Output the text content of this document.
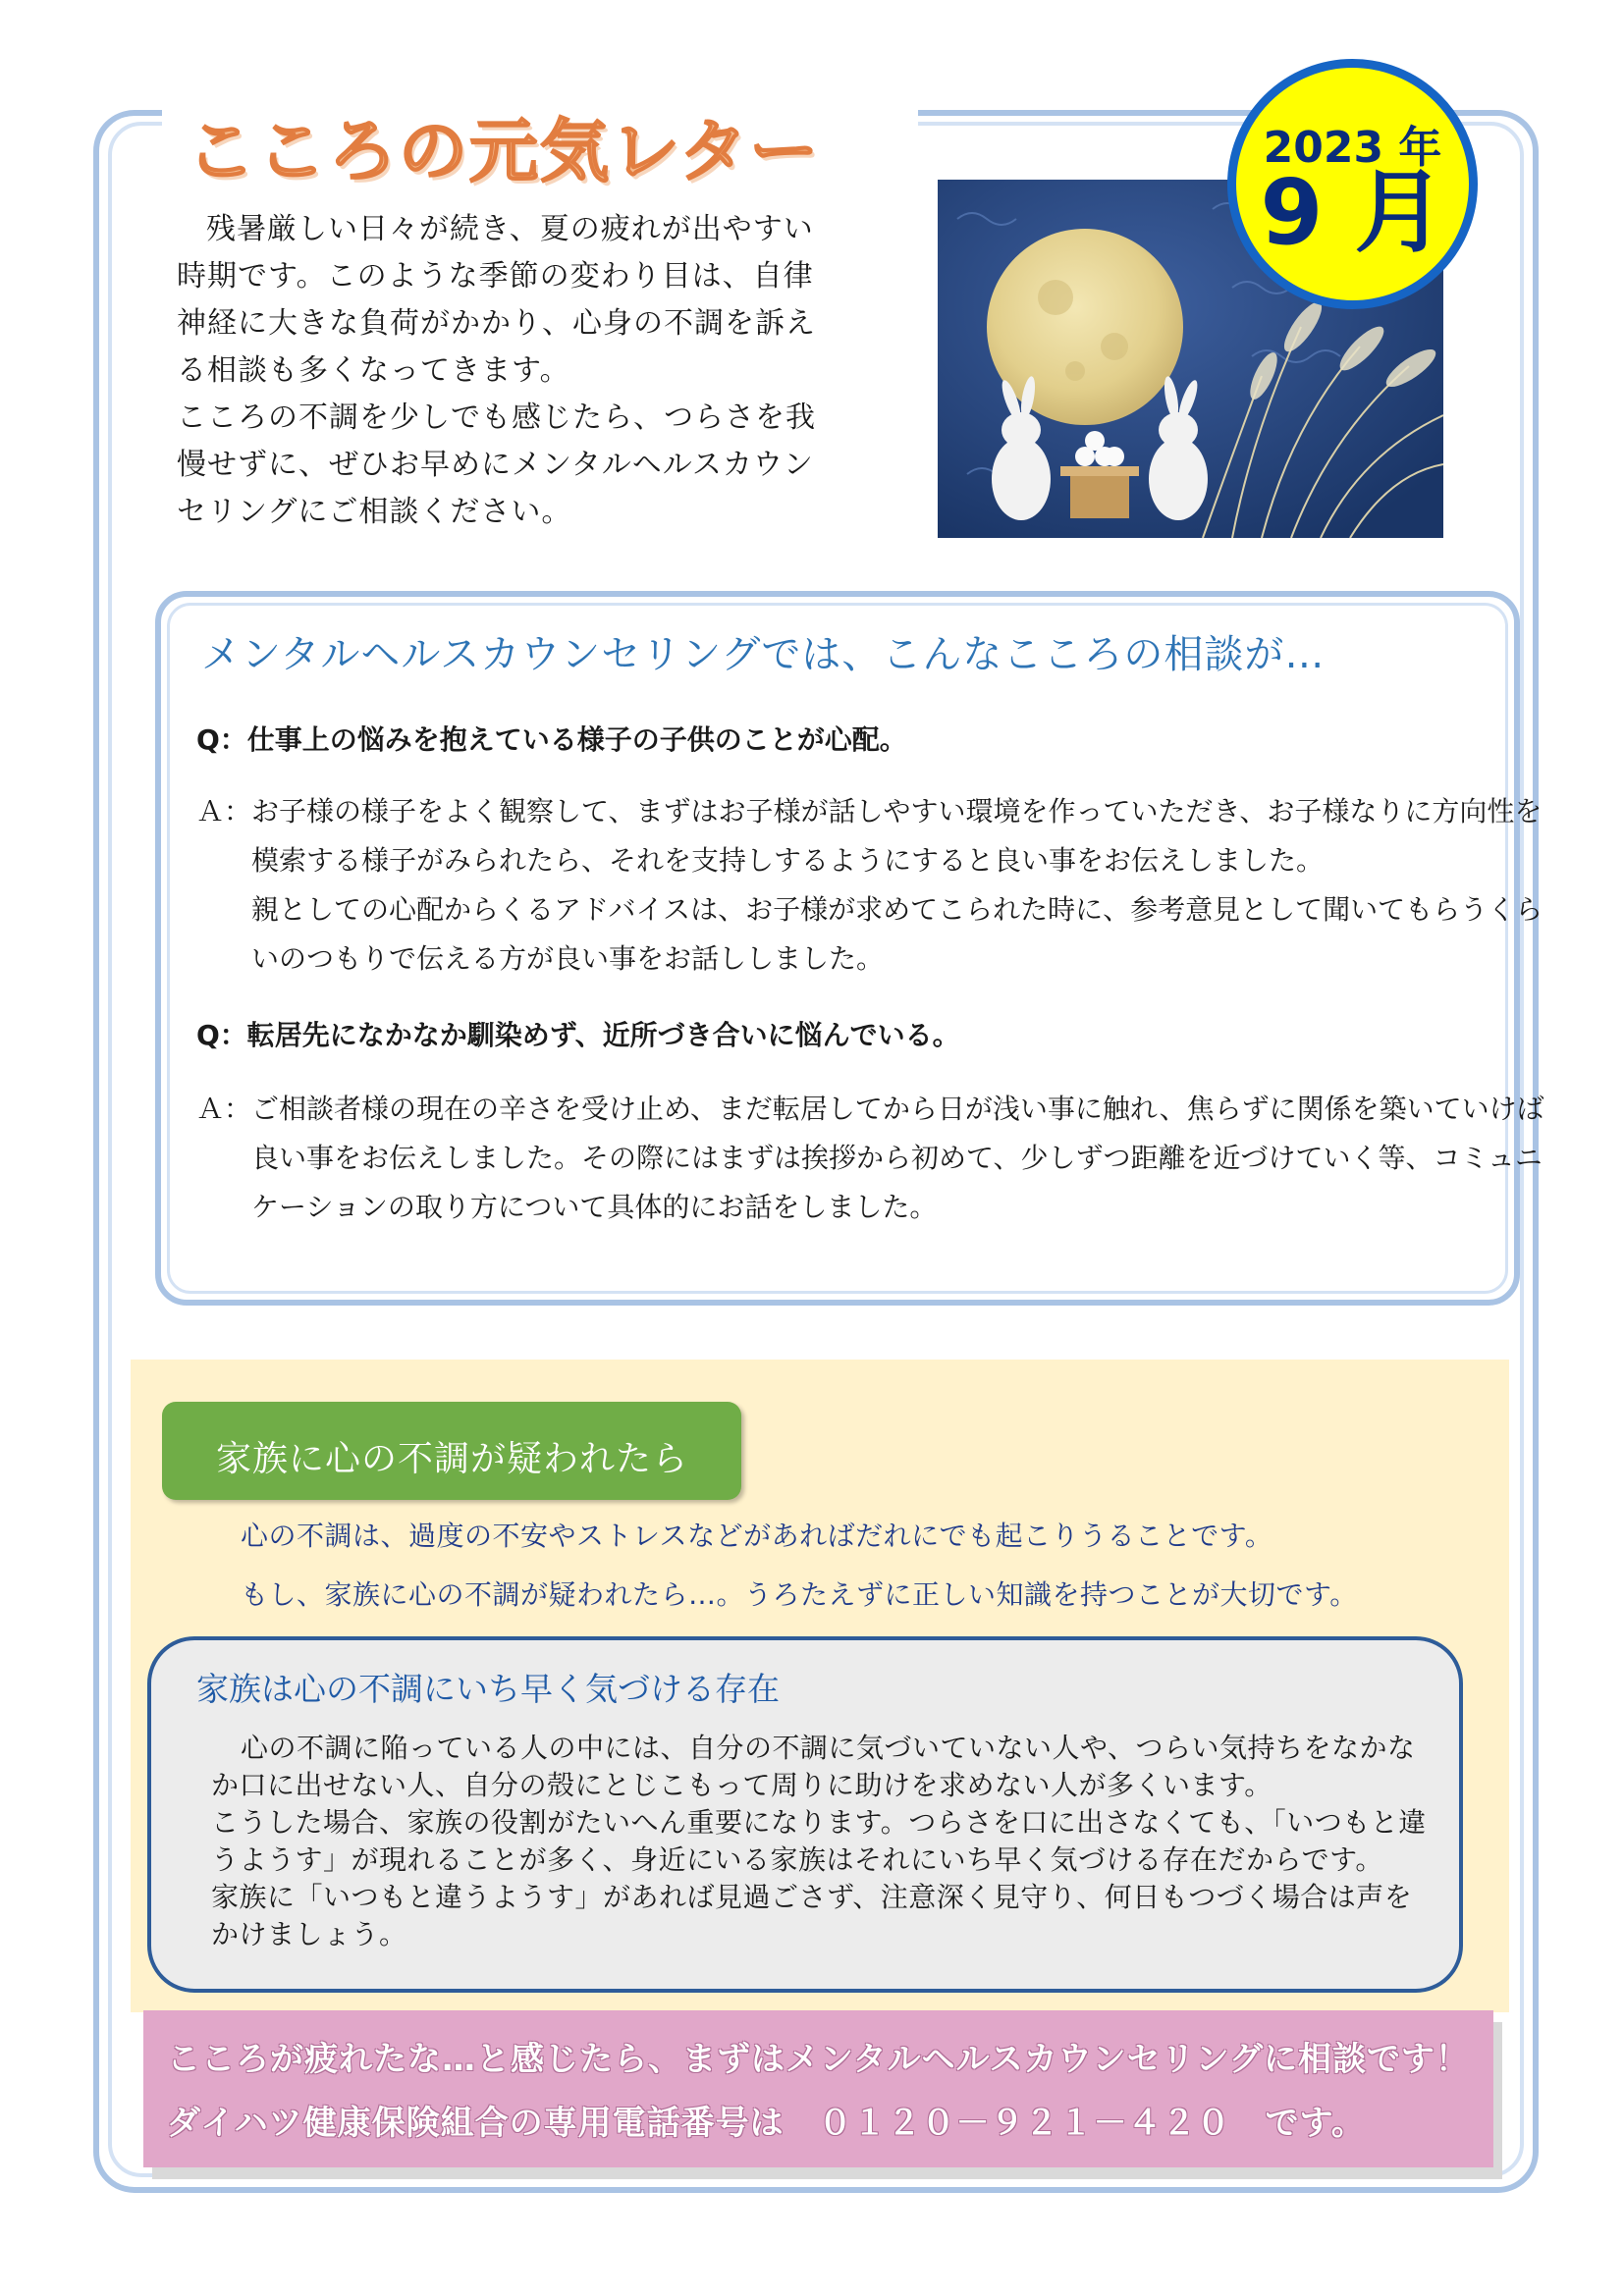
こころの元気レター	2023 年
9 月

残暑厳しい日々が続き、夏の疲れが出やすい時期です。このような季節の変わり目は、自律神経に大きな負荷がかかり、心身の不調を訴える相談も多くなってきます。
こころの不調を少しでも感じたら、つらさを我慢せずに、ぜひお早めにメンタルヘルスカウンセリングにご相談ください。

メンタルヘルスカウンセリングでは、こんなこころの相談が…

Q：仕事上の悩みを抱えている様子の子供のことが心配。

Ａ：お子様の様子をよく観察して、まずはお子様が話しやすい環境を作っていただき、お子様なりに方向性を模索する様子がみられたら、それを支持しするようにすると良い事をお伝えしました。
親としての心配からくるアドバイスは、お子様が求めてこられた時に、参考意見として聞いてもらうくらいのつもりで伝える方が良い事をお話ししました。

Q：転居先になかなか馴染めず、近所づき合いに悩んでいる。

Ａ：ご相談者様の現在の辛さを受け止め、まだ転居してから日が浅い事に触れ、焦らずに関係を築いていけば良い事をお伝えしました。その際にはまずは挨拶から初めて、少しずつ距離を近づけていく等、コミュニケーションの取り方について具体的にお話をしました。

家族に心の不調が疑われたら

心の不調は、過度の不安やストレスなどがあればだれにでも起こりうることです。

もし、家族に心の不調が疑われたら…。うろたえずに正しい知識を持つことが大切です。

家族は心の不調にいち早く気づける存在

心の不調に陥っている人の中には、自分の不調に気づいていない人や、つらい気持ちをなかなか口に出せない人、自分の殻にとじこもって周りに助けを求めない人が多くいます。
こうした場合、家族の役割がたいへん重要になります。つらさを口に出さなくても、「いつもと違うようす」が現れることが多く、身近にいる家族はそれにいち早く気づける存在だからです。
家族に「いつもと違うようす」があれば見過ごさず、注意深く見守り、何日もつづく場合は声をかけましょう。

こころが疲れたな…と感じたら、まずはメンタルヘルスカウンセリングに相談です！

ダイハツ健康保険組合の専用電話番号は　０１２０－９２１－４２０　です。
